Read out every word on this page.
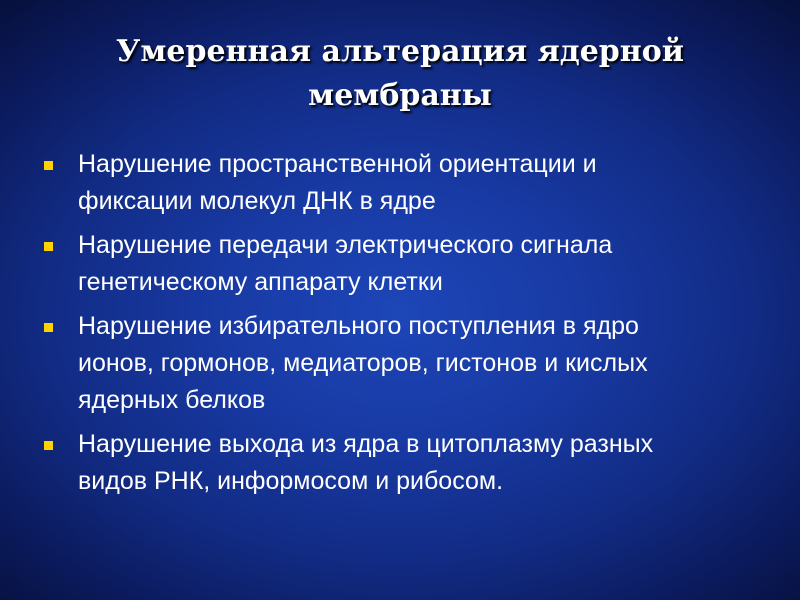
Умеренная альтерация ядерной
мембраны
Нарушение пространственной ориентации и
фиксации молекул ДНК в ядре
Нарушение передачи электрического сигнала
генетическому аппарату клетки
Нарушение избирательного поступления в ядро
ионов, гормонов, медиаторов, гистонов и кислых
ядерных белков
Нарушение выхода из ядра в цитоплазму разных
видов РНК, информосом и рибосом.
